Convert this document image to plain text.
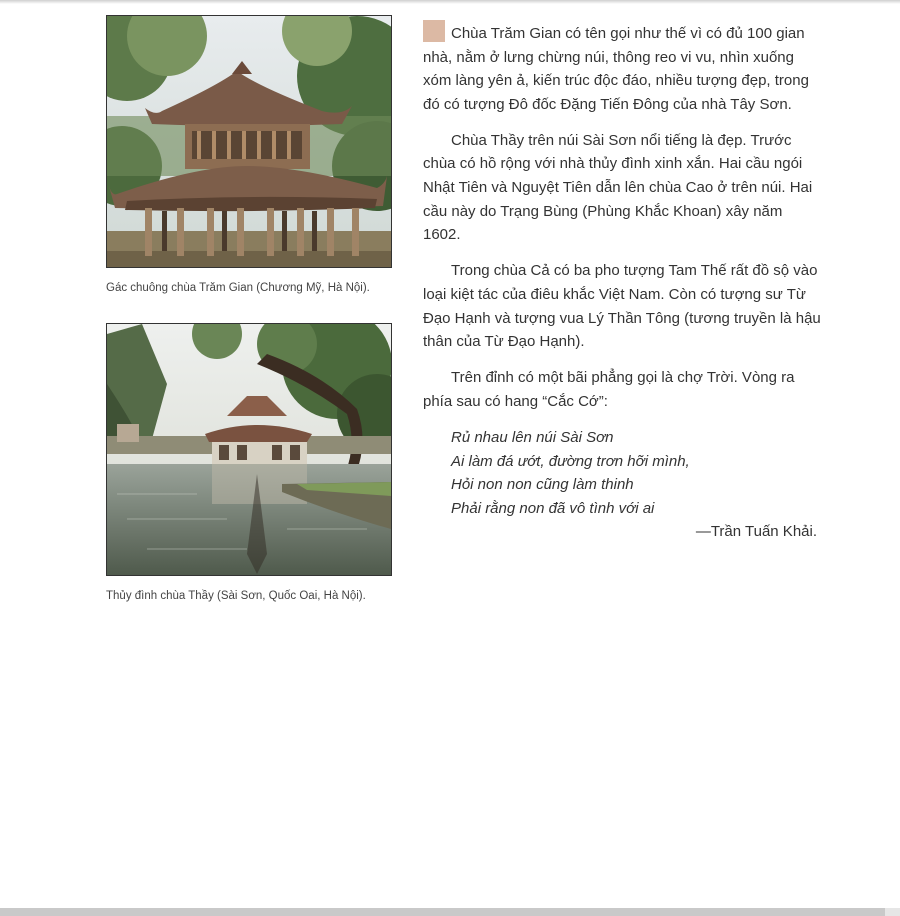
Gác chuông chùa Trăm Gian (Chương Mỹ, Hà Nội).
Thủy đình chùa Thầy (Sài Sơn, Quốc Oai, Hà Nội).

Chùa Trăm Gian có tên gọi như thế vì có đủ 100 gian nhà, nằm ở lưng chừng núi, thông reo vi vu, nhìn xuống xóm làng yên ả, kiến trúc độc đáo, nhiều tượng đẹp, trong đó có tượng Đô đốc Đặng Tiến Đông của nhà Tây Sơn.

Chùa Thầy trên núi Sài Sơn nổi tiếng là đẹp. Trước chùa có hồ rộng với nhà thủy đình xinh xắn. Hai cầu ngói Nhật Tiên và Nguyệt Tiên dẫn lên chùa Cao ở trên núi. Hai cầu này do Trạng Bùng (Phùng Khắc Khoan) xây năm 1602.

Trong chùa Cả có ba pho tượng Tam Thế rất đồ sộ vào loại kiệt tác của điêu khắc Việt Nam. Còn có tượng sư Từ Đạo Hạnh và tượng vua Lý Thần Tông (tương truyền là hậu thân của Từ Đạo Hạnh).

Trên đỉnh có một bãi phẳng gọi là chợ Trời. Vòng ra phía sau có hang “Cắc Cớ”:

Rủ nhau lên núi Sài Sơn
Ai làm đá ướt, đường trơn hỡi mình,
Hỏi non non cũng làm thinh
Phải rằng non đã vô tình với ai
—Trần Tuấn Khải.
